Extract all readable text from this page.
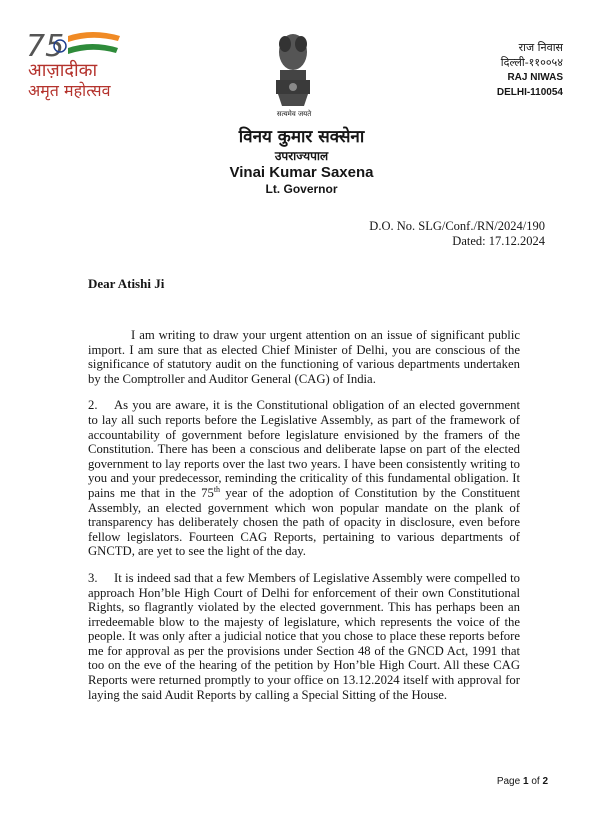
75
आज़ादीका
अमृत महोत्सव
सत्यमेव जयते
राज निवास
दिल्ली-११००५४
RAJ NIWAS
DELHI-110054
विनय कुमार सक्सेना
उपराज्यपाल
Vinai Kumar Saxena
Lt. Governor
D.O. No. SLG/Conf./RN/2024/190
Dated: 17.12.2024
Dear Atishi Ji

I am writing to draw your urgent attention on an issue of significant public import. I am sure that as elected Chief Minister of Delhi, you are conscious of the significance of statutory audit on the functioning of various departments undertaken by the Comptroller and Auditor General (CAG) of India.

2. As you are aware, it is the Constitutional obligation of an elected government to lay all such reports before the Legislative Assembly, as part of the framework of accountability of government before legislature envisioned by the framers of the Constitution. There has been a conscious and deliberate lapse on part of the elected government to lay reports over the last two years. I have been consistently writing to you and your predecessor, reminding the criticality of this fundamental obligation. It pains me that in the 75th year of the adoption of Constitution by the Constituent Assembly, an elected government which won popular mandate on the plank of transparency has deliberately chosen the path of opacity in disclosure, even before fellow legislators. Fourteen CAG Reports, pertaining to various departments of GNCTD, are yet to see the light of the day.

3. It is indeed sad that a few Members of Legislative Assembly were compelled to approach Hon’ble High Court of Delhi for enforcement of their own Constitutional Rights, so flagrantly violated by the elected government. This has perhaps been an irredeemable blow to the majesty of legislature, which represents the voice of the people. It was only after a judicial notice that you chose to place these reports before me for approval as per the provisions under Section 48 of the GNCD Act, 1991 that too on the eve of the hearing of the petition by Hon’ble High Court. All these CAG Reports were returned promptly to your office on 13.12.2024 itself with approval for laying the said Audit Reports by calling a Special Sitting of the House.

Page 1 of 2
